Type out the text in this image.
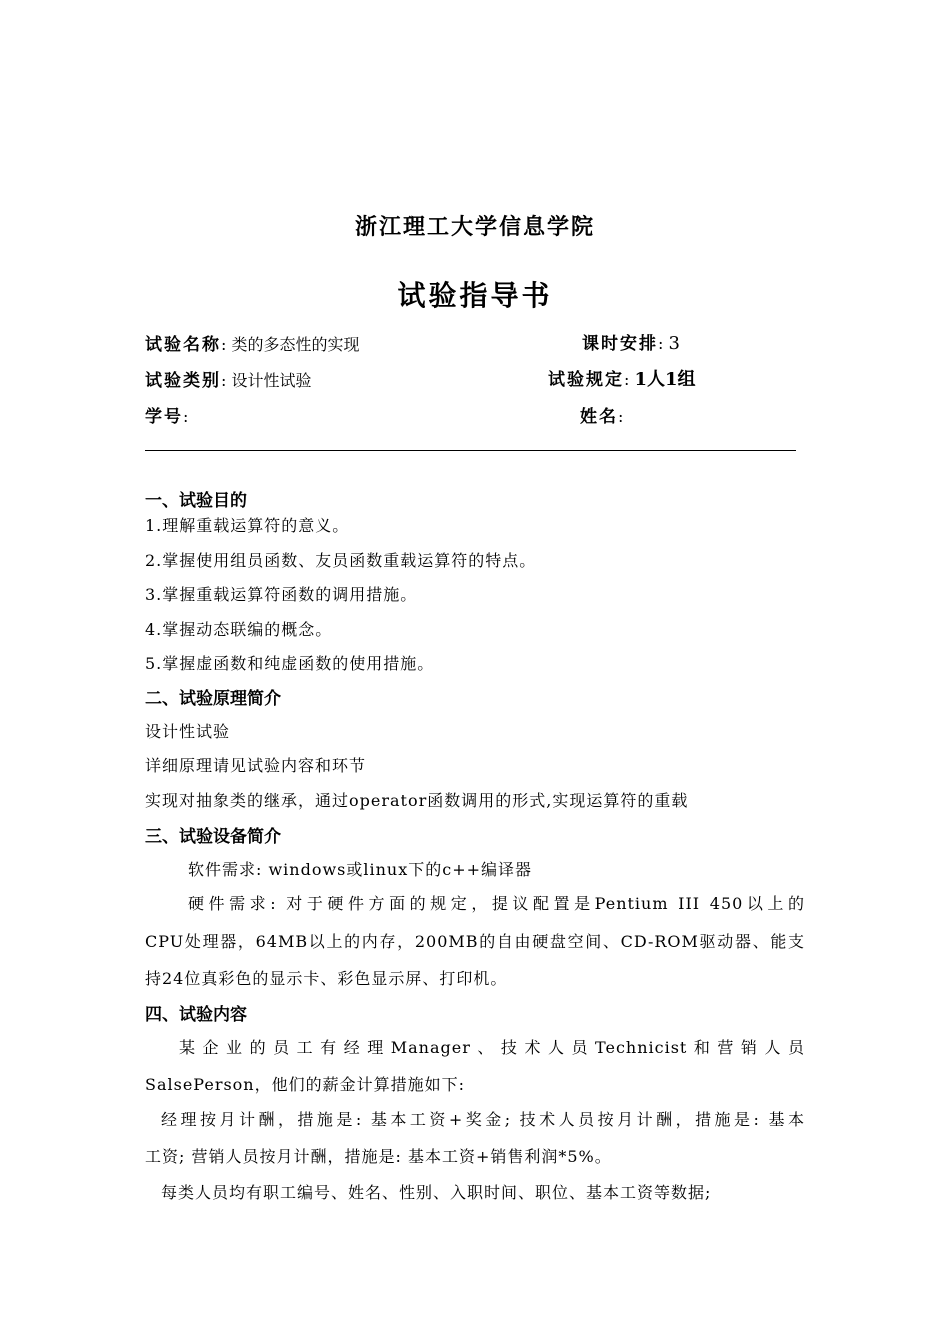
浙江理工大学信息学院
试验指导书
试验名称: 类的多态性的实现	课时安排: 3
试验类别: 设计性试验	试验规定: 1人1组
学号:	姓名:
一、试验目的
1.理解重载运算符的意义。
2.掌握使用组员函数、友员函数重载运算符的特点。
3.掌握重载运算符函数的调用措施。
4.掌握动态联编的概念。
5.掌握虚函数和纯虚函数的使用措施。
二、试验原理简介
设计性试验
详细原理请见试验内容和环节
实现对抽象类的继承，通过operator函数调用的形式,实现运算符的重载
三、试验设备简介
软件需求: windows或linux下的c++编译器
硬件需求: 对于硬件方面的规定，提议配置是Pentium III 450以上的
CPU处理器，64MB以上的内存，200MB的自由硬盘空间、CD-ROM驱动器、能支
持24位真彩色的显示卡、彩色显示屏、打印机。
四、试验内容
某企业的员工有经理Manager、技术人员Technicist和营销人员
SalsePerson，他们的薪金计算措施如下:
经理按月计酬，措施是: 基本工资+奖金; 技术人员按月计酬，措施是: 基本
工资; 营销人员按月计酬，措施是: 基本工资+销售利润*5%。
每类人员均有职工编号、姓名、性别、入职时间、职位、基本工资等数据;
